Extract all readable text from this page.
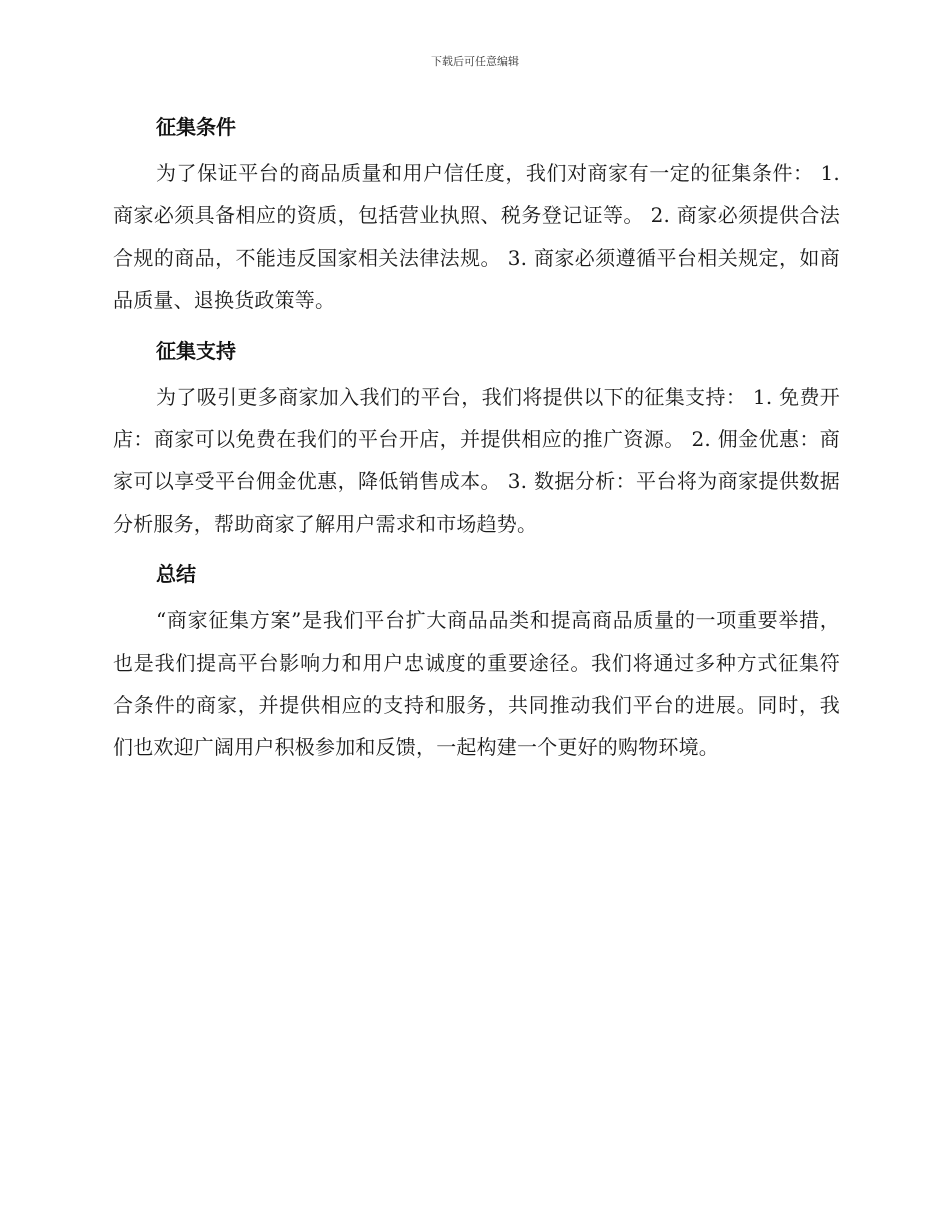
下载后可任意编辑
征集条件

为了保证平台的商品质量和用户信任度，我们对商家有一定的征集条件： 1. 商家必须具备相应的资质，包括营业执照、税务登记证等。 2. 商家必须提供合法合规的商品，不能违反国家相关法律法规。 3. 商家必须遵循平台相关规定，如商品质量、退换货政策等。

征集支持

为了吸引更多商家加入我们的平台，我们将提供以下的征集支持： 1. 免费开店：商家可以免费在我们的平台开店，并提供相应的推广资源。 2. 佣金优惠：商家可以享受平台佣金优惠，降低销售成本。 3. 数据分析：平台将为商家提供数据分析服务，帮助商家了解用户需求和市场趋势。

总结

“商家征集方案”是我们平台扩大商品品类和提高商品质量的一项重要举措，也是我们提高平台影响力和用户忠诚度的重要途径。我们将通过多种方式征集符合条件的商家，并提供相应的支持和服务，共同推动我们平台的进展。同时，我们也欢迎广阔用户积极参加和反馈，一起构建一个更好的购物环境。
